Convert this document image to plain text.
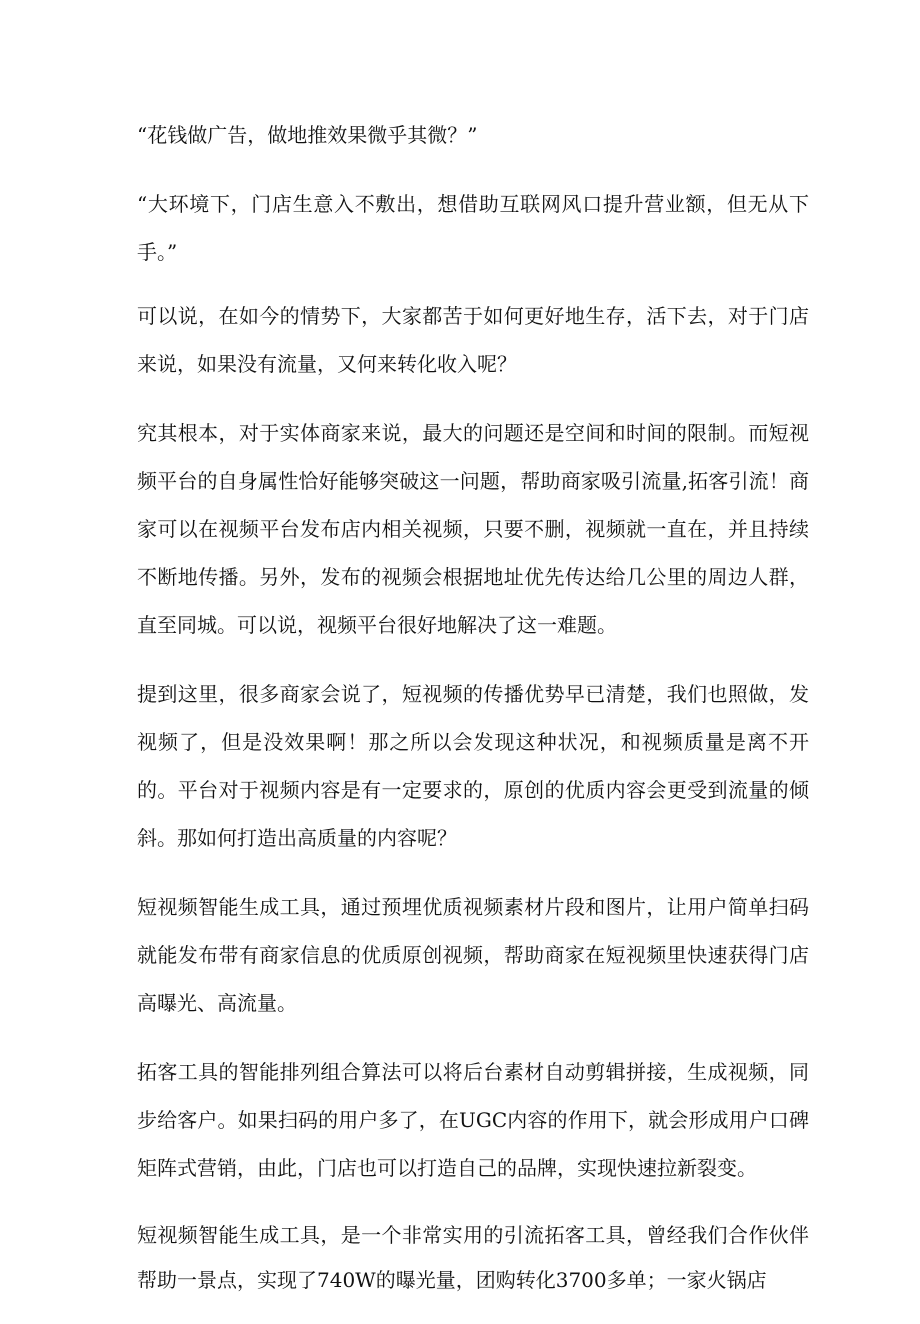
“花钱做广告，做地推效果微乎其微？”

“大环境下，门店生意入不敷出，想借助互联网风口提升营业额，但无从下手。”

可以说，在如今的情势下，大家都苦于如何更好地生存，活下去，对于门店来说，如果没有流量，又何来转化收入呢？

究其根本，对于实体商家来说，最大的问题还是空间和时间的限制。而短视频平台的自身属性恰好能够突破这一问题，帮助商家吸引流量,拓客引流！商家可以在视频平台发布店内相关视频，只要不删，视频就一直在，并且持续不断地传播。另外，发布的视频会根据地址优先传达给几公里的周边人群，直至同城。可以说，视频平台很好地解决了这一难题。

提到这里，很多商家会说了，短视频的传播优势早已清楚，我们也照做，发视频了，但是没效果啊！那之所以会发现这种状况，和视频质量是离不开的。平台对于视频内容是有一定要求的，原创的优质内容会更受到流量的倾斜。那如何打造出高质量的内容呢？

短视频智能生成工具，通过预埋优质视频素材片段和图片，让用户简单扫码就能发布带有商家信息的优质原创视频，帮助商家在短视频里快速获得门店高曝光、高流量。

拓客工具的智能排列组合算法可以将后台素材自动剪辑拼接，生成视频，同步给客户。如果扫码的用户多了，在UGC内容的作用下，就会形成用户口碑矩阵式营销，由此，门店也可以打造自己的品牌，实现快速拉新裂变。

短视频智能生成工具，是一个非常实用的引流拓客工具，曾经我们合作伙伴帮助一景点，实现了740W的曝光量，团购转化3700多单；一家火锅店
